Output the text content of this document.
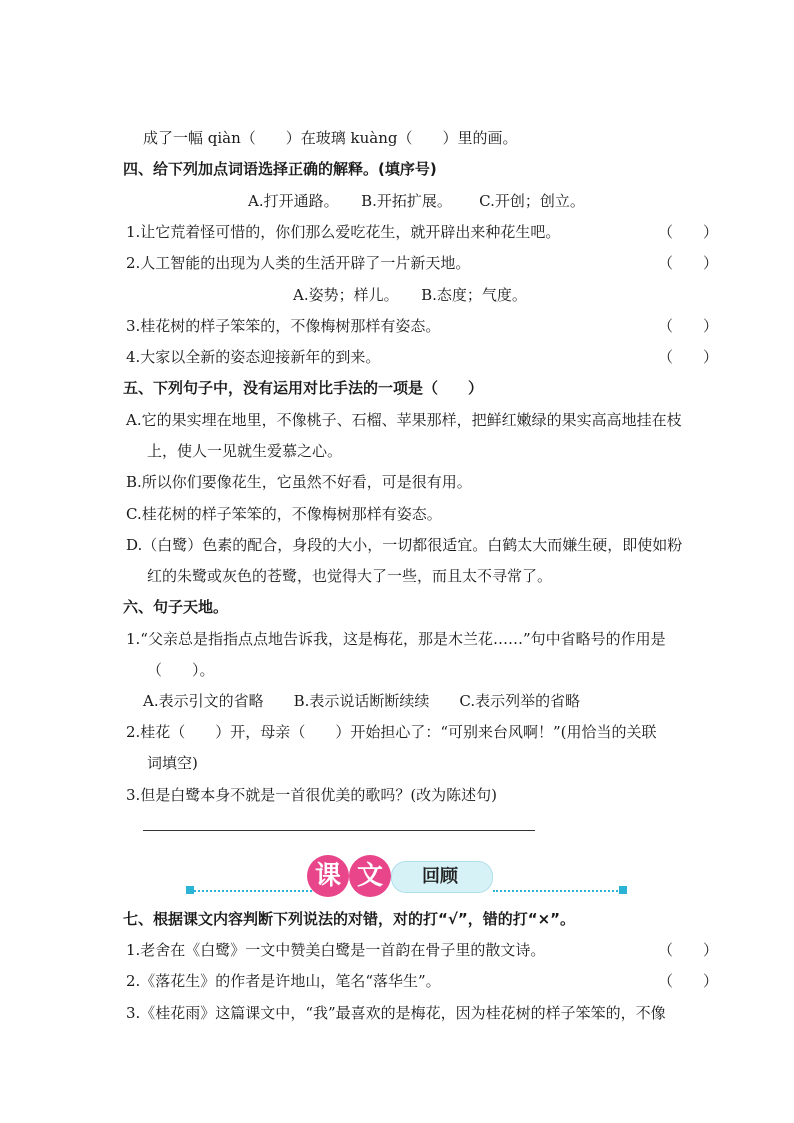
成了一幅 qiàn（　　）在玻璃 kuàng（　　）里的画。
四、给下列加点词语选择正确的解释。(填序号)
A.打开通路。　　B.开拓扩展。　　 C.开创；创立。
1.让它荒着怪可惜的，你们那么爱吃花生，就开辟出来种花生吧。	（　　）
2.人工智能的出现为人类的生活开辟了一片新天地。	（　　）
A.姿势；样儿。　　B.态度；气度。
3.桂花树的样子笨笨的，不像梅树那样有姿态。	（　　）
4.大家以全新的姿态迎接新年的到来。	（　　）
五、下列句子中，没有运用对比手法的一项是（　　）
A.它的果实埋在地里，不像桃子、石榴、苹果那样，把鲜红嫩绿的果实高高地挂在枝
上，使人一见就生爱慕之心。
B.所以你们要像花生，它虽然不好看，可是很有用。
C.桂花树的样子笨笨的，不像梅树那样有姿态。
D.（白鹭）色素的配合，身段的大小，一切都很适宜。白鹤太大而嫌生硬，即使如粉
红的朱鹭或灰色的苍鹭，也觉得大了一些，而且太不寻常了。
六、句子天地。
1.“父亲总是指指点点地告诉我，这是梅花，那是木兰花……”句中省略号的作用是
（　　）。
A.表示引文的省略　　B.表示说话断断续续　　C.表示列举的省略
2.桂花（　　）开，母亲（　　）开始担心了：“可别来台风啊！”(用恰当的关联
词填空)
3.但是白鹭本身不就是一首很优美的歌吗？(改为陈述句)
课 文	回顾
七、根据课文内容判断下列说法的对错，对的打“√”，错的打“×”。
1.老舍在《白鹭》一文中赞美白鹭是一首韵在骨子里的散文诗。	（　　）
2.《落花生》的作者是许地山，笔名“落华生”。	（　　）
3.《桂花雨》这篇课文中，“我”最喜欢的是梅花，因为桂花树的样子笨笨的，不像
